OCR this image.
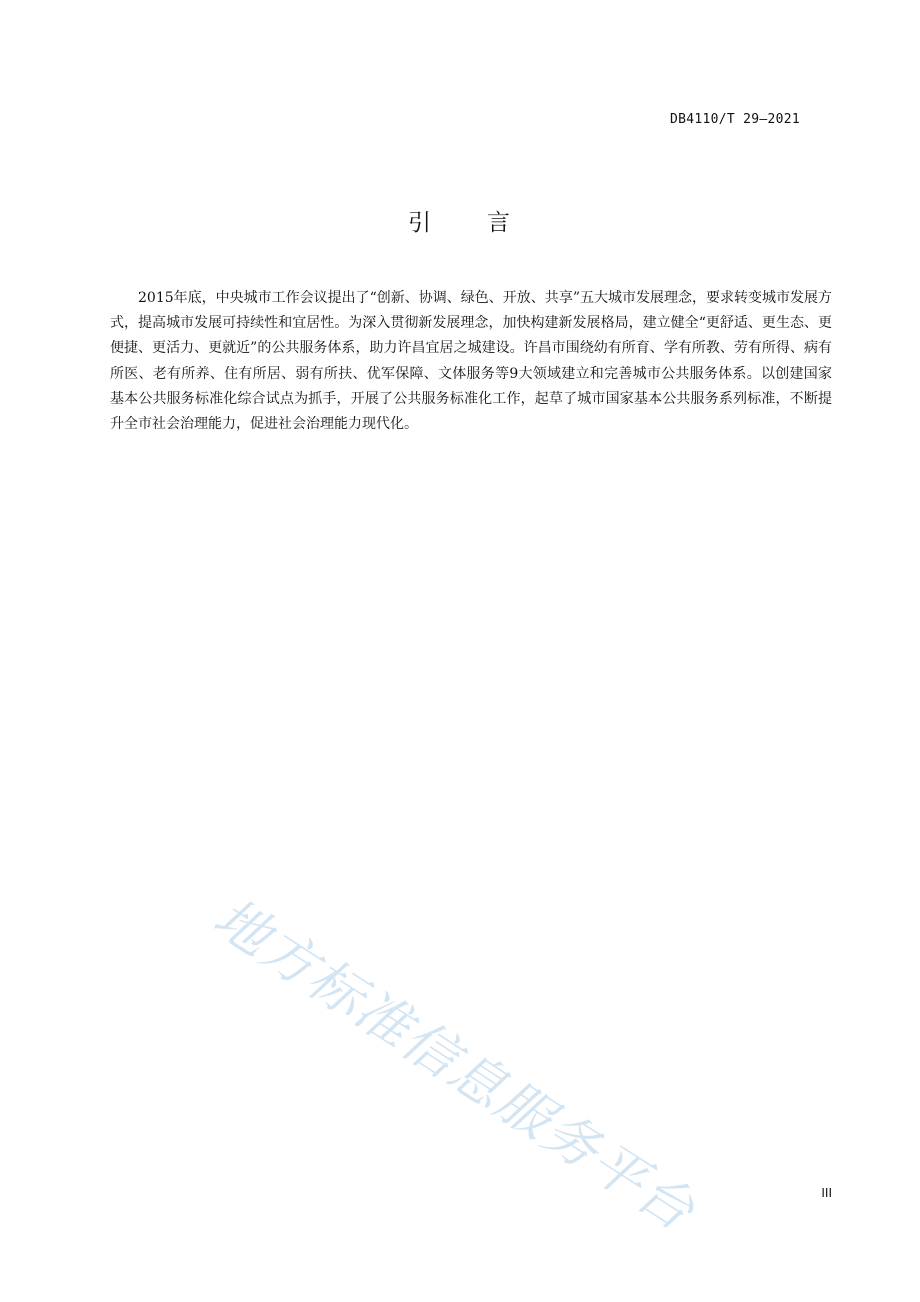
DB4110/T 29—2021
引 言

2015年底，中央城市工作会议提出了“创新、协调、绿色、开放、共享”五大城市发展理念，要求转变城市发展方式，提高城市发展可持续性和宜居性。为深入贯彻新发展理念，加快构建新发展格局，建立健全“更舒适、更生态、更便捷、更活力、更就近”的公共服务体系，助力许昌宜居之城建设。许昌市围绕幼有所育、学有所教、劳有所得、病有所医、老有所养、住有所居、弱有所扶、优军保障、文体服务等9大领域建立和完善城市公共服务体系。以创建国家基本公共服务标准化综合试点为抓手，开展了公共服务标准化工作，起草了城市国家基本公共服务系列标准，不断提升全市社会治理能力，促进社会治理能力现代化。

地方标准信息服务平台	III
